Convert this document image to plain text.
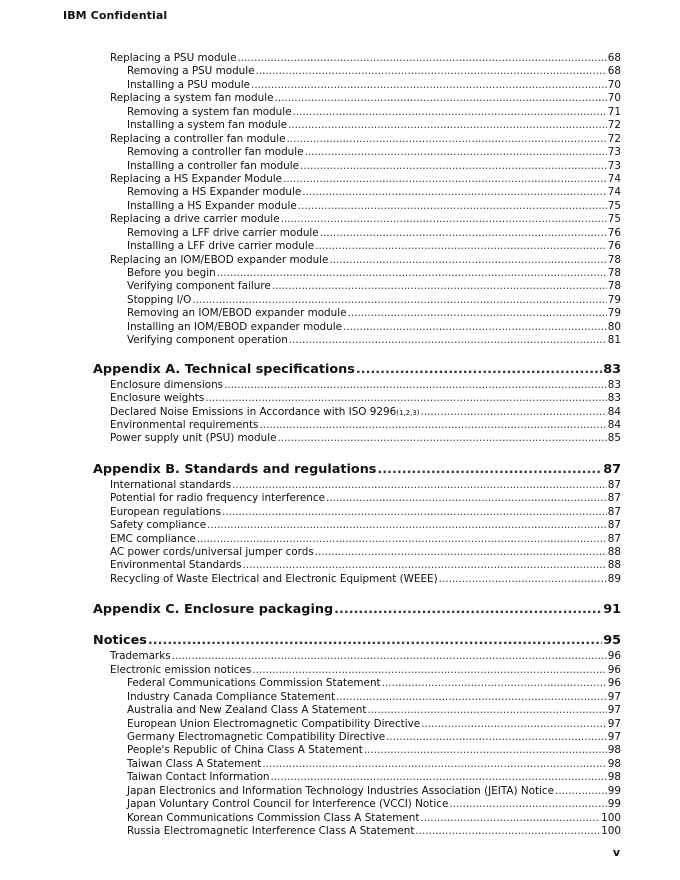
IBM Confidential
Replacing a PSU module .....	68
Removing a PSU module .....	68
Installing a PSU module .....	70
Replacing a system fan module .....	70
Removing a system fan module .....	71
Installing a system fan module .....	72
Replacing a controller fan module .....	72
Removing a controller fan module .....	73
Installing a controller fan module .....	73
Replacing a HS Expander Module .....	74
Removing a HS Expander module .....	74
Installing a HS Expander module .....	75
Replacing a drive carrier module .....	75
Removing a LFF drive carrier module .....	76
Installing a LFF drive carrier module .....	76
Replacing an IOM/EBOD expander module .....	78
Before you begin .....	78
Verifying component failure .....	78
Stopping I/O .....	79
Removing an IOM/EBOD expander module .....	79
Installing an IOM/EBOD expander module .....	80
Verifying component operation .....	81
Appendix A. Technical specifications .....	83
Enclosure dimensions .....	83
Enclosure weights .....	83
Declared Noise Emissions in Accordance with ISO 9296 (1,2,3) .....	84
Environmental requirements .....	84
Power supply unit (PSU) module .....	85
Appendix B. Standards and regulations .....	87
International standards .....	87
Potential for radio frequency interference .....	87
European regulations .....	87
Safety compliance .....	87
EMC compliance .....	87
AC power cords/universal jumper cords .....	88
Environmental Standards .....	88
Recycling of Waste Electrical and Electronic Equipment (WEEE) .....	89
Appendix C. Enclosure packaging .....	91
Notices .....	95
Trademarks .....	96
Electronic emission notices .....	96
Federal Communications Commission Statement .....	96
Industry Canada Compliance Statement .....	97
Australia and New Zealand Class A Statement .....	97
European Union Electromagnetic Compatibility Directive .....	97
Germany Electromagnetic Compatibility Directive .....	97
People's Republic of China Class A Statement .....	98
Taiwan Class A Statement .....	98
Taiwan Contact Information .....	98
Japan Electronics and Information Technology Industries Association (JEITA) Notice .....	99
Japan Voluntary Control Council for Interference (VCCI) Notice .....	99
Korean Communications Commission Class A Statement .....	100
Russia Electromagnetic Interference Class A Statement .....	100
v
